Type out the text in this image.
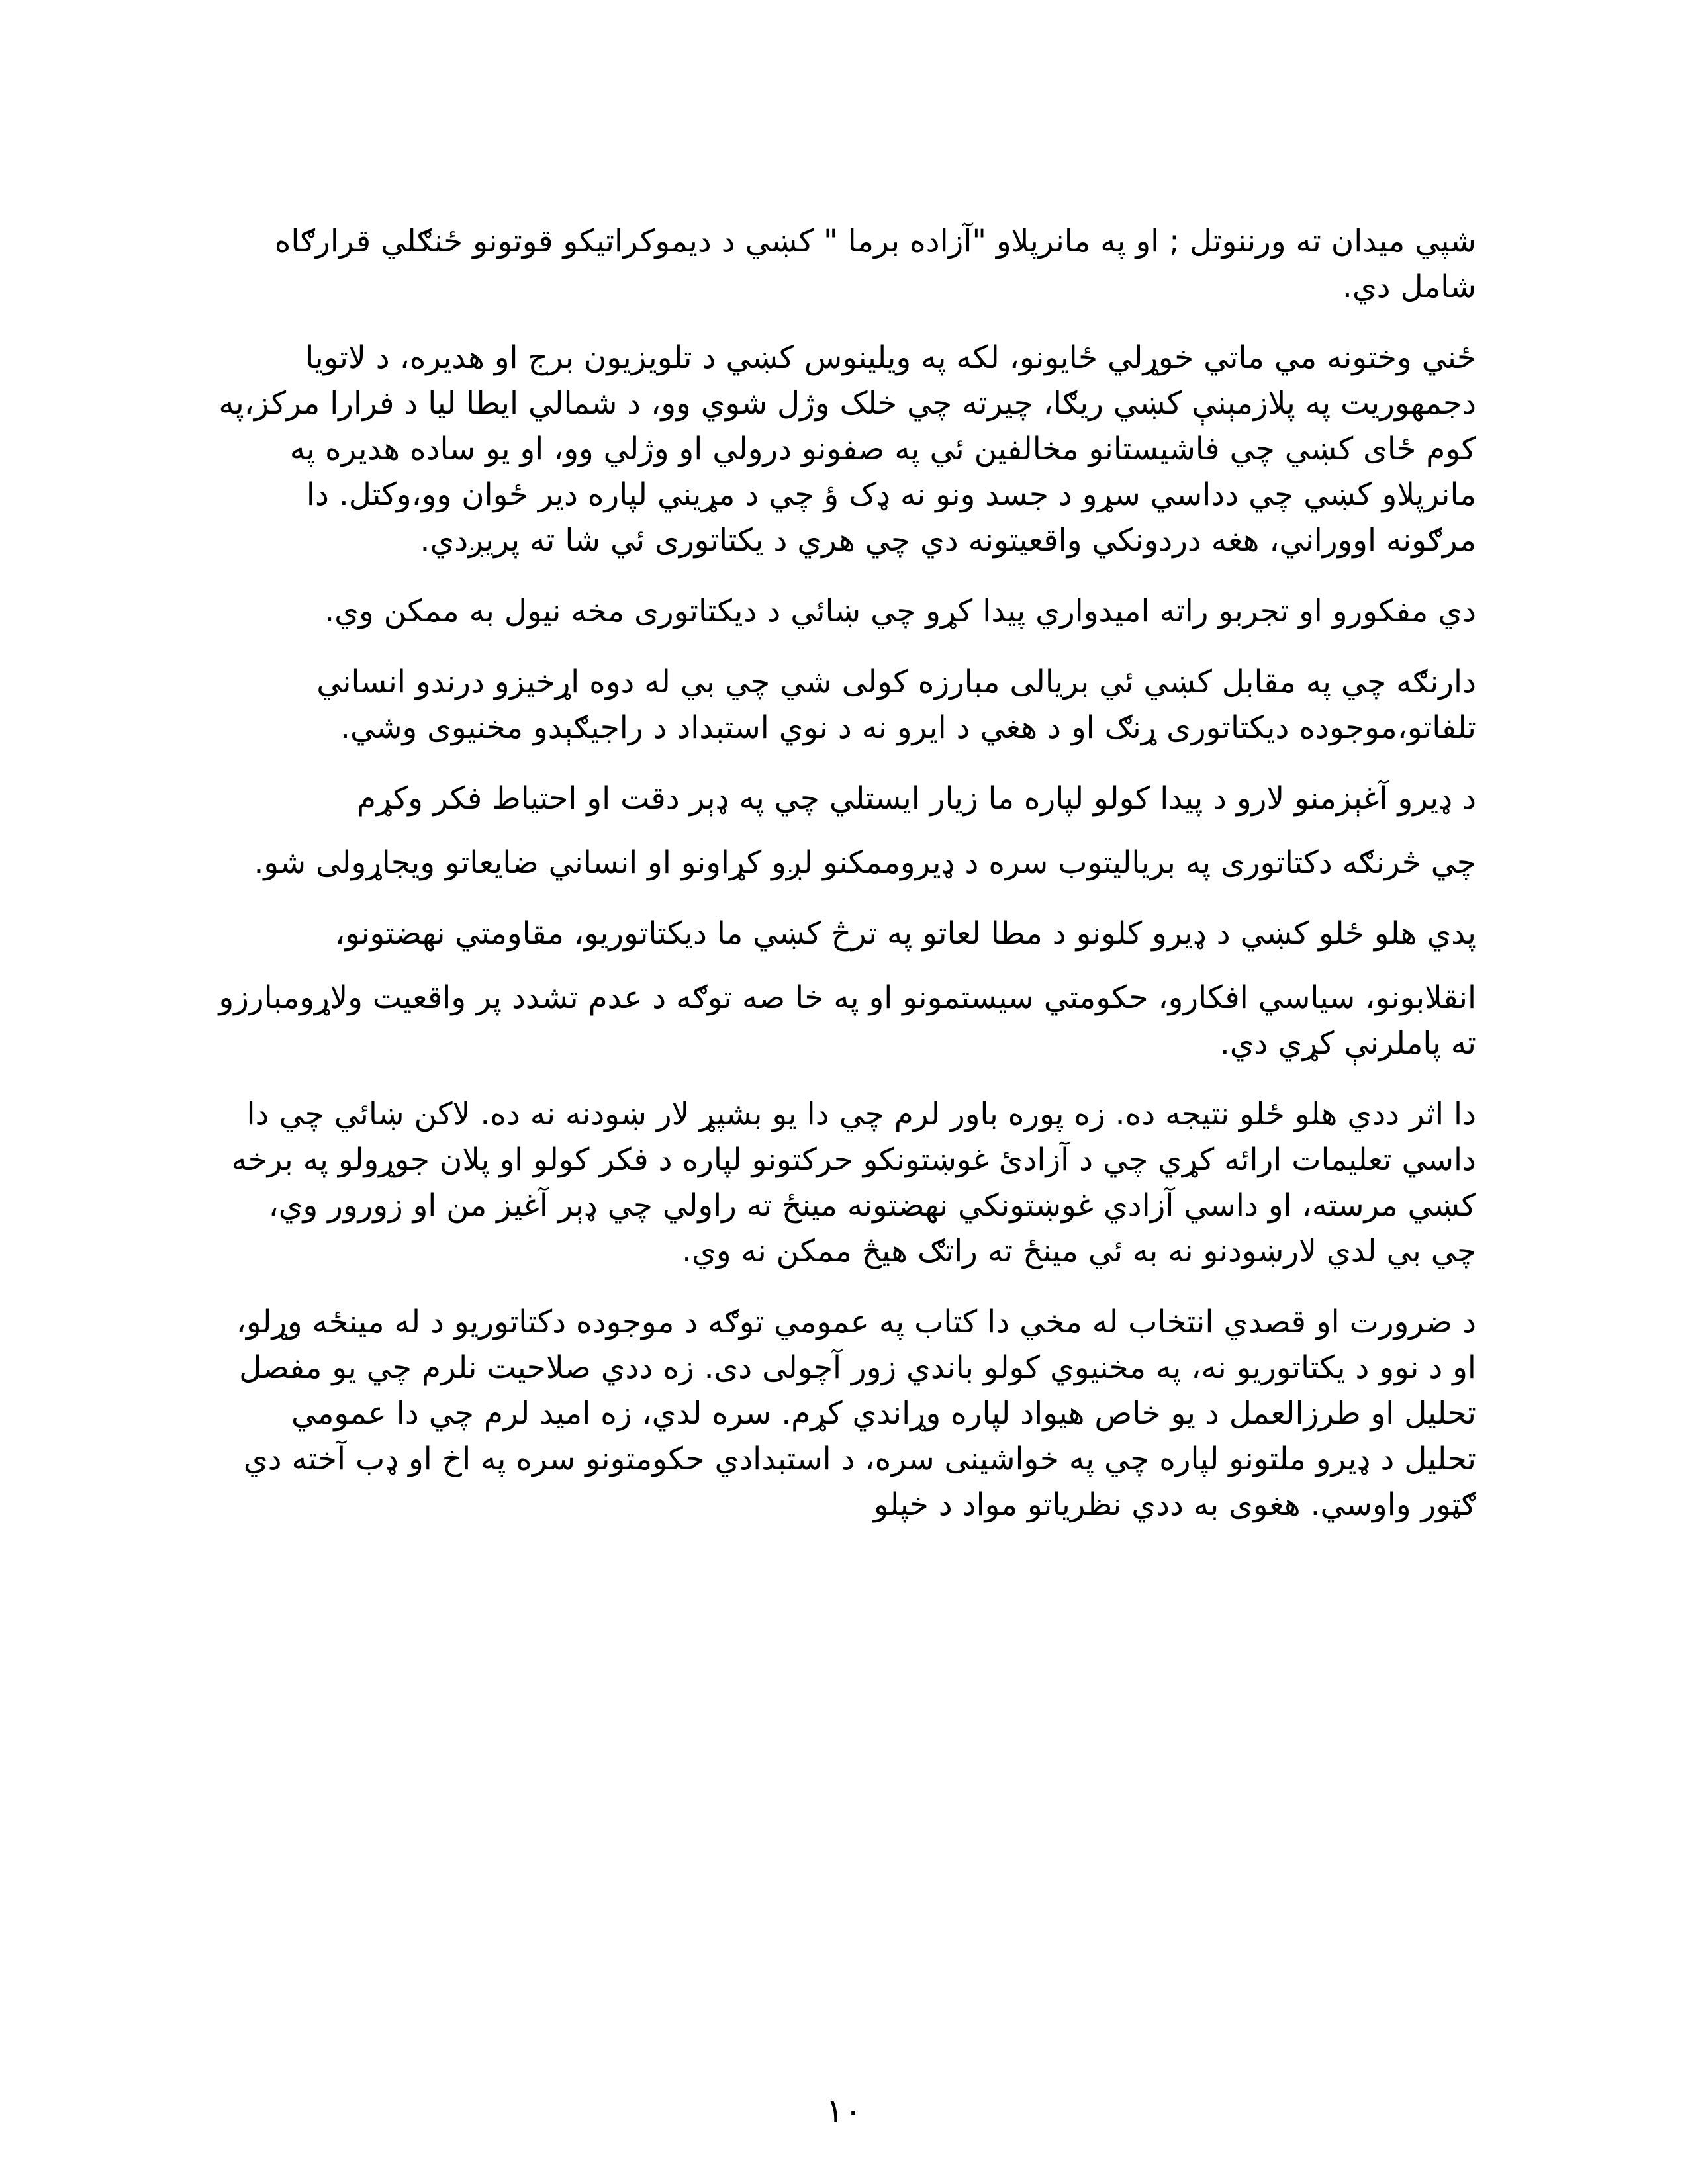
شپي ميدان ته ورننوتل ; او په مانرپلاو "آزاده برما " کښي د ديموکراتيکو قوتونو ځنګلي قرارګاه شامل دي.

ځني وختونه مي ماتي خوړلي ځايونو، لکه په ويلينوس کښي د تلويزيون برج او هديره، د لاتويا دجمهوريت په پلازمېنې کښي ريګا، چيرته چي خلک وژل شوي وو، د شمالي ايطا ليا د فرارا مرکز،په کوم ځای کښي چي فاشيستانو مخالفين ئي په صفونو درولي او وژلي وو، او يو ساده هديره په مانرپلاو کښي چي دداسي سړو د جسد ونو نه ډک ؤ چي د مړيني لپاره دير ځوان وو،وکتل. دا مرګونه اووراني، هغه دردونکي واقعيتونه دي چي هري د يکتاتوری ئي شا ته پريږدي.

دي مفکورو او تجربو راته اميدواري پيدا کړو چي ښائي د ديکتاتوری مخه نيول به ممکن وي.

دارنګه چي په مقابل کښي ئي بريالی مبارزه کولی شي چي بي له دوه اړخيزو درندو انساني تلفاتو،موجوده ديکتاتوری ړنګ او د هغي د ايرو نه د نوي استبداد د راجيګېدو مخنيوی وشي.

د ډيرو آغېزمنو لارو د پيدا کولو لپاره ما زيار ايستلي چي په ډېر دقت او احتياط فکر وکړم

چي څرنګه دکتاتوری په برياليتوب سره د ډيروممکنو لږو کړاونو او انساني ضايعاتو ويجاړولی شو.

پدي هلو ځلو کښي د ډيرو کلونو د مطا لعاتو په ترڅ کښي ما ديکتاتوريو، مقاومتي نهضتونو،

انقلابونو، سياسي افکارو، حکومتي سيستمونو او په خا صه توګه د عدم تشدد پر واقعيت ولاړومبارزو ته پاملرنې کړي دي.

دا اثر ددي هلو ځلو نتيجه ده. زه پوره باور لرم چي دا يو بشپړ لار ښودنه نه ده. لاکن ښائي چي دا داسي تعليمات ارائه کړي چي د آزادئ غوښتونکو حرکتونو لپاره د فکر کولو او پلان جوړولو په برخه کښي مرسته، او داسي آزادي غوښتونکي نهضتونه مينځ ته راولي چي ډېر آغيز من او زورور وي، چي بي لدي لارښودنو نه به ئي مينځ ته راتګ هيڅ ممکن نه وي.

د ضرورت او قصدي انتخاب له مخي دا کتاب په عمومي توګه د موجوده دکتاتوريو د له مينځه وړلو، او د نوو د يکتاتوريو نه، په مخنيوي کولو باندي زور آچولی دی. زه ددي صلاحيت نلرم چي يو مفصل تحليل او طرزالعمل د يو خاص هيواد لپاره وړاندي کړم. سره لدي، زه اميد لرم چي دا عمومي تحليل د ډيرو ملتونو لپاره چي په خواشينی سره، د استبدادي حکومتونو سره په اخ او ډب آخته دي ګټور واوسي. هغوی به ددي نظرياتو مواد د خپلو

١٠
